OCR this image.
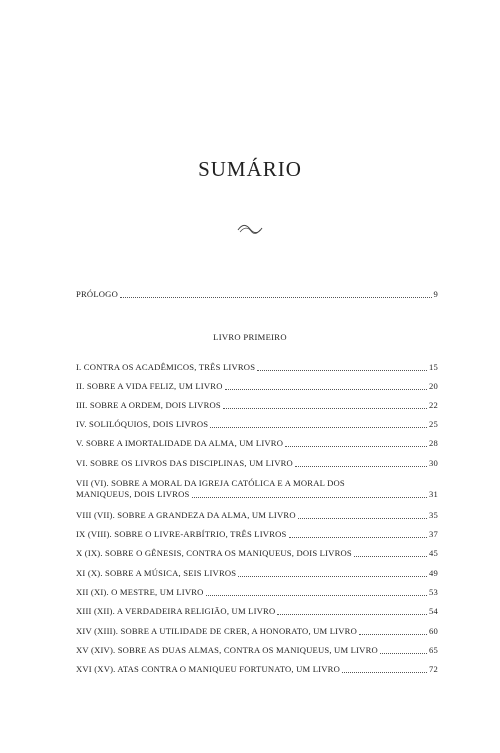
SUMÁRIO
PRÓLOGO	9
LIVRO PRIMEIRO
I. CONTRA OS ACADÊMICOS, TRÊS LIVROS	15
II. SOBRE A VIDA FELIZ, UM LIVRO	20
III. SOBRE A ORDEM, DOIS LIVROS	22
IV. SOLILÓQUIOS, DOIS LIVROS	25
V. SOBRE A IMORTALIDADE DA ALMA, UM LIVRO	28
VI. SOBRE OS LIVROS DAS DISCIPLINAS, UM LIVRO	30
VII (VI). SOBRE A MORAL DA IGREJA CATÓLICA E A MORAL DOS
MANIQUEUS, DOIS LIVROS	31
VIII (VII). SOBRE A GRANDEZA DA ALMA, UM LIVRO	35
IX (VIII). SOBRE O LIVRE-ARBÍTRIO, TRÊS LIVROS	37
X (IX). SOBRE O GÊNESIS, CONTRA OS MANIQUEUS, DOIS LIVROS	45
XI (X). SOBRE A MÚSICA, SEIS LIVROS	49
XII (XI). O MESTRE, UM LIVRO	53
XIII (XII). A VERDADEIRA RELIGIÃO, UM LIVRO	54
XIV (XIII). SOBRE A UTILIDADE DE CRER, A HONORATO, UM LIVRO	60
XV (XIV). SOBRE AS DUAS ALMAS, CONTRA OS MANIQUEUS, UM LIVRO	65
XVI (XV). ATAS CONTRA O MANIQUEU FORTUNATO, UM LIVRO	72
